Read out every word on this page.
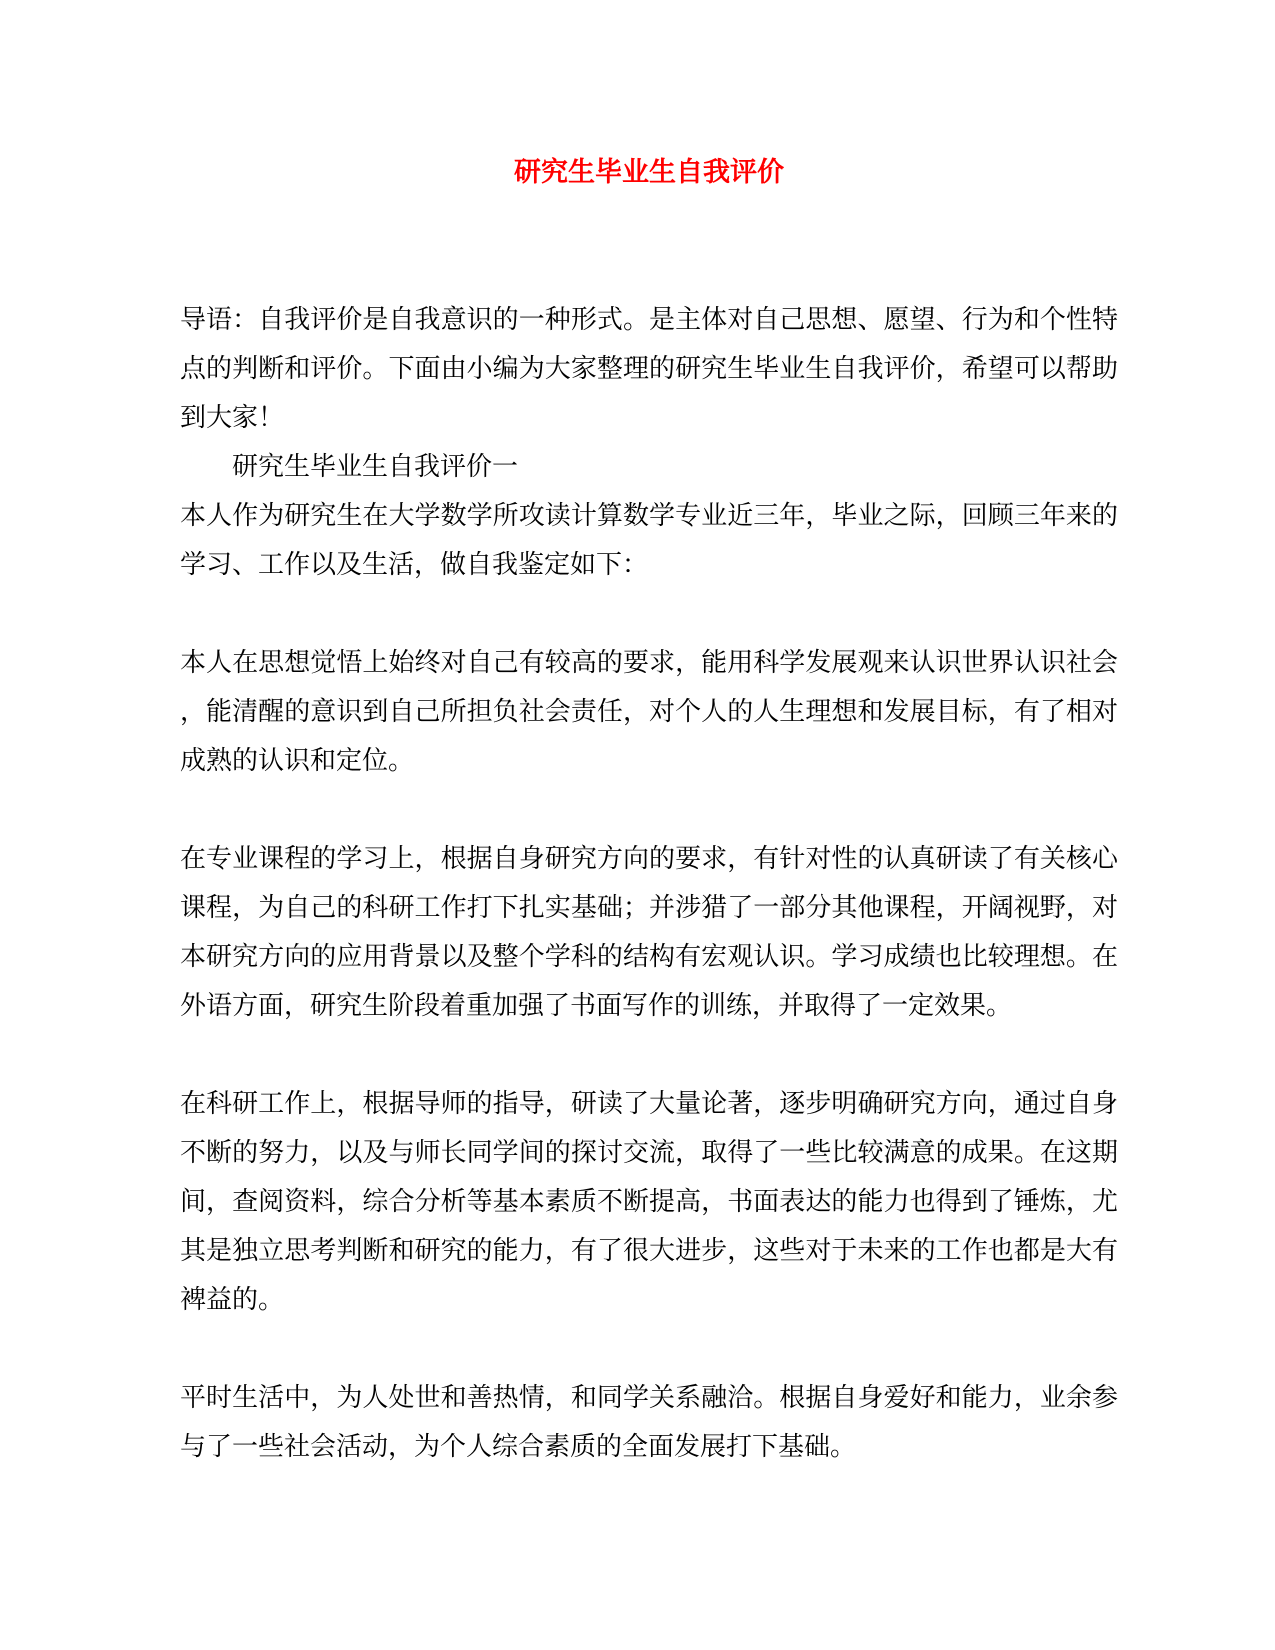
研究生毕业生自我评价

导语：自我评价是自我意识的一种形式。是主体对自己思想、愿望、行为和个性特点的判断和评价。下面由小编为大家整理的研究生毕业生自我评价，希望可以帮助到大家！

研究生毕业生自我评价一

本人作为研究生在大学数学所攻读计算数学专业近三年，毕业之际，回顾三年来的学习、工作以及生活，做自我鉴定如下：

本人在思想觉悟上始终对自己有较高的要求，能用科学发展观来认识世界认识社会，能清醒的意识到自己所担负社会责任，对个人的人生理想和发展目标，有了相对成熟的认识和定位。

在专业课程的学习上，根据自身研究方向的要求，有针对性的认真研读了有关核心课程，为自己的科研工作打下扎实基础；并涉猎了一部分其他课程，开阔视野，对本研究方向的应用背景以及整个学科的结构有宏观认识。学习成绩也比较理想。在外语方面，研究生阶段着重加强了书面写作的训练，并取得了一定效果。

在科研工作上，根据导师的指导，研读了大量论著，逐步明确研究方向，通过自身不断的努力，以及与师长同学间的探讨交流，取得了一些比较满意的成果。在这期间，查阅资料，综合分析等基本素质不断提高，书面表达的能力也得到了锤炼，尤其是独立思考判断和研究的能力，有了很大进步，这些对于未来的工作也都是大有裨益的。

平时生活中，为人处世和善热情，和同学关系融洽。根据自身爱好和能力，业余参与了一些社会活动，为个人综合素质的全面发展打下基础。
